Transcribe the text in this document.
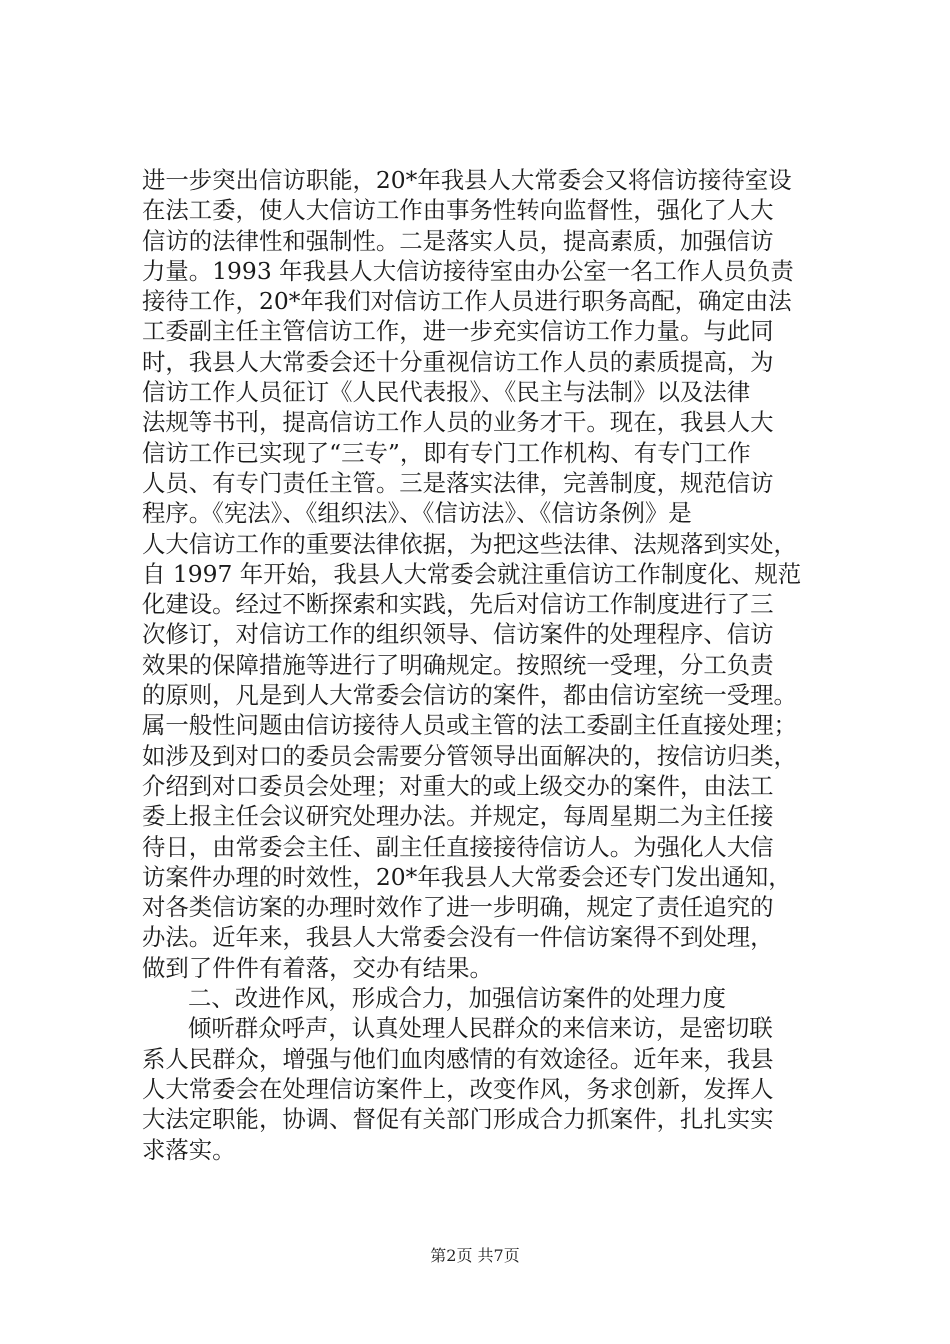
进一步突出信访职能，20*年我县人大常委会又将信访接待室设
在法工委，使人大信访工作由事务性转向监督性，强化了人大
信访的法律性和强制性。二是落实人员，提高素质，加强信访
力量。1993 年我县人大信访接待室由办公室一名工作人员负责
接待工作，20*年我们对信访工作人员进行职务高配，确定由法
工委副主任主管信访工作，进一步充实信访工作力量。与此同
时，我县人大常委会还十分重视信访工作人员的素质提高，为
信访工作人员征订《人民代表报》、《民主与法制》以及法律
法规等书刊，提高信访工作人员的业务才干。现在，我县人大
信访工作已实现了“三专”，即有专门工作机构、有专门工作
人员、有专门责任主管。三是落实法律，完善制度，规范信访
程序。《宪法》、《组织法》、《信访法》、《信访条例》是
人大信访工作的重要法律依据，为把这些法律、法规落到实处，
自 1997 年开始，我县人大常委会就注重信访工作制度化、规范
化建设。经过不断探索和实践，先后对信访工作制度进行了三
次修订，对信访工作的组织领导、信访案件的处理程序、信访
效果的保障措施等进行了明确规定。按照统一受理，分工负责
的原则，凡是到人大常委会信访的案件，都由信访室统一受理。
属一般性问题由信访接待人员或主管的法工委副主任直接处理；
如涉及到对口的委员会需要分管领导出面解决的，按信访归类，
介绍到对口委员会处理；对重大的或上级交办的案件，由法工
委上报主任会议研究处理办法。并规定，每周星期二为主任接
待日，由常委会主任、副主任直接接待信访人。为强化人大信
访案件办理的时效性，20*年我县人大常委会还专门发出通知，
对各类信访案的办理时效作了进一步明确，规定了责任追究的
办法。近年来，我县人大常委会没有一件信访案得不到处理，
做到了件件有着落，交办有结果。
二、改进作风，形成合力，加强信访案件的处理力度
倾听群众呼声，认真处理人民群众的来信来访，是密切联
系人民群众，增强与他们血肉感情的有效途径。近年来，我县
人大常委会在处理信访案件上，改变作风，务求创新，发挥人
大法定职能，协调、督促有关部门形成合力抓案件，扎扎实实
求落实。
第2页 共7页
